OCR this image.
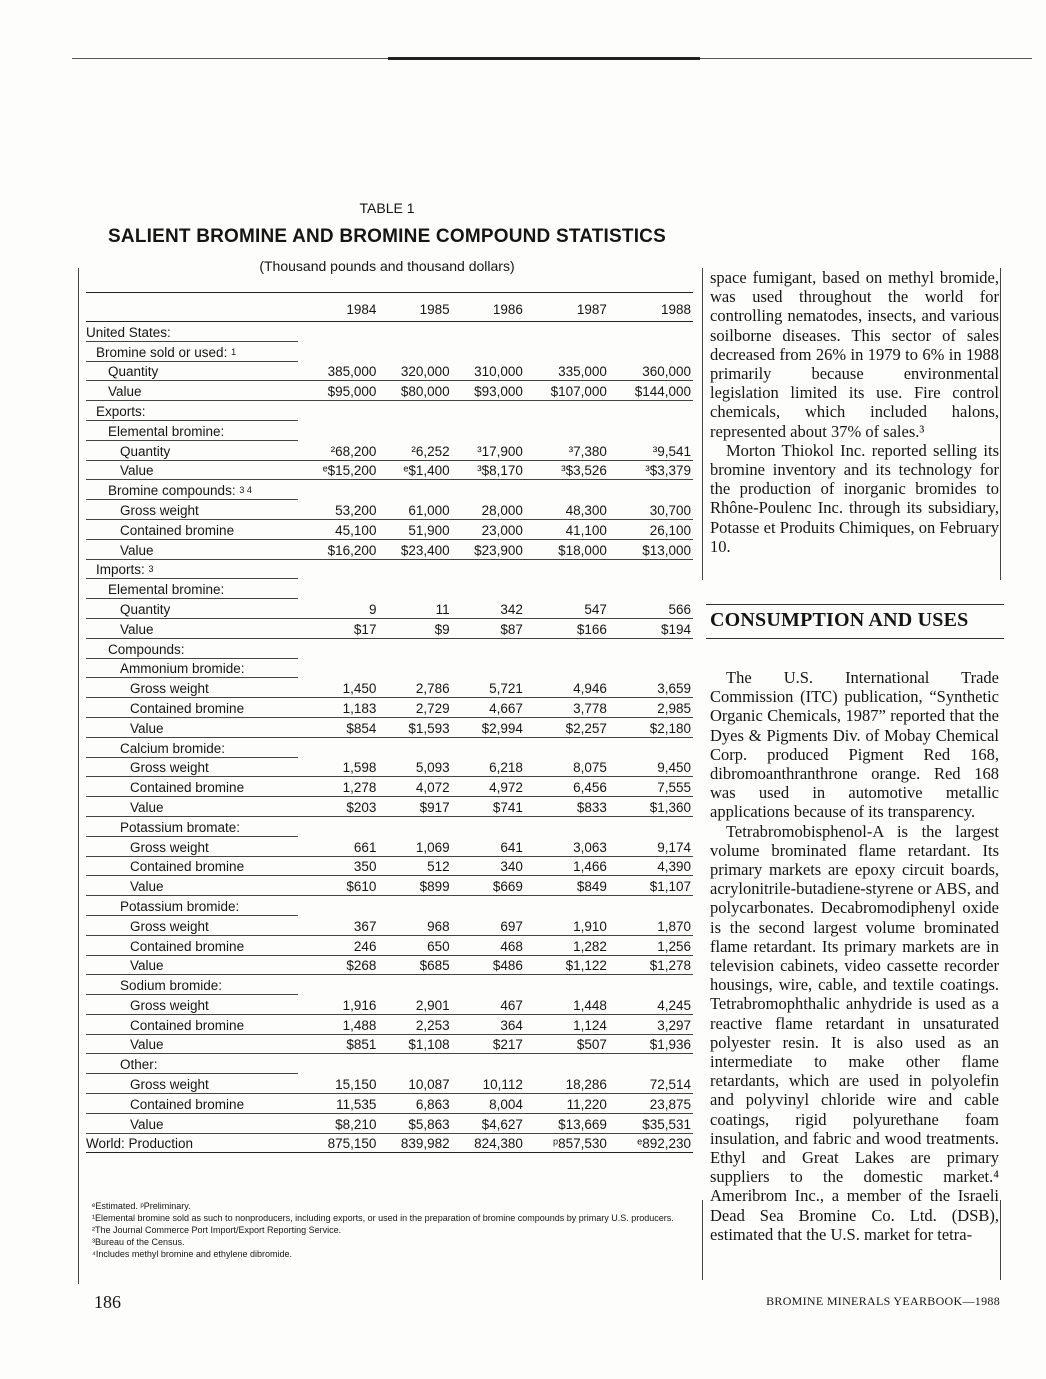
TABLE 1
SALIENT BROMINE AND BROMINE COMPOUND STATISTICS
(Thousand pounds and thousand dollars)
	1984	1985	1986	1987	1988
United States:					
Bromine sold or used: $^1$					
Quantity	385,000	320,000	310,000	335,000	360,000
Value	$95,000	$80,000	$93,000	$107,000	$144,000
Exports:					
Elemental bromine:					
Quantity	²68,200	²6,252	³17,900	³7,380	³9,541
Value	ᵉ$15,200	ᵉ$1,400	³$8,170	³$3,526	³$3,379
Bromine compounds: $^{3 4}$					
Gross weight	53,200	61,000	28,000	48,300	30,700
Contained bromine	45,100	51,900	23,000	41,100	26,100
Value	$16,200	$23,400	$23,900	$18,000	$13,000
Imports: $^3$					
Elemental bromine:					
Quantity	9	11	342	547	566
Value	$17	$9	$87	$166	$194
Compounds:					
Ammonium bromide:					
Gross weight	1,450	2,786	5,721	4,946	3,659
Contained bromine	1,183	2,729	4,667	3,778	2,985
Value	$854	$1,593	$2,994	$2,257	$2,180
Calcium bromide:					
Gross weight	1,598	5,093	6,218	8,075	9,450
Contained bromine	1,278	4,072	4,972	6,456	7,555
Value	$203	$917	$741	$833	$1,360
Potassium bromate:					
Gross weight	661	1,069	641	3,063	9,174
Contained bromine	350	512	340	1,466	4,390
Value	$610	$899	$669	$849	$1,107
Potassium bromide:					
Gross weight	367	968	697	1,910	1,870
Contained bromine	246	650	468	1,282	1,256
Value	$268	$685	$486	$1,122	$1,278
Sodium bromide:					
Gross weight	1,916	2,901	467	1,448	4,245
Contained bromine	1,488	2,253	364	1,124	3,297
Value	$851	$1,108	$217	$507	$1,936
Other:					
Gross weight	15,150	10,087	10,112	18,286	72,514
Contained bromine	11,535	6,863	8,004	11,220	23,875
Value	$8,210	$5,863	$4,627	$13,669	$35,531
World: Production	875,150	839,982	824,380	ᵖ857,530	ᵉ892,230

ᵉEstimated. ᵖPreliminary.

¹Elemental bromine sold as such to nonproducers, including exports, or used in the preparation of bromine compounds by primary U.S. producers.

²The Journal Commerce Port Import/Export Reporting Service.

³Bureau of the Census.

⁴Includes methyl bromine and ethylene dibromide.

space fumigant, based on methyl bromide, was used throughout the world for controlling nematodes, insects, and various soilborne diseases. This sector of sales decreased from 26% in 1979 to 6% in 1988 primarily because environmental legislation limited its use. Fire control chemicals, which included halons, represented about 37% of sales.³

Morton Thiokol Inc. reported selling its bromine inventory and its technology for the production of inorganic bromides to Rhône-Poulenc Inc. through its subsidiary, Potasse et Produits Chimiques, on February 10.

CONSUMPTION AND USES

The U.S. International Trade Commission (ITC) publication, “Synthetic Organic Chemicals, 1987” reported that the Dyes & Pigments Div. of Mobay Chemical Corp. produced Pigment Red 168, dibromoanthranthrone orange. Red 168 was used in automotive metallic applications because of its transparency.

Tetrabromobisphenol-A is the largest volume brominated flame retardant. Its primary markets are epoxy circuit boards, acrylonitrile-butadiene-styrene or ABS, and polycarbonates. Decabromodiphenyl oxide is the second largest volume brominated flame retardant. Its primary markets are in television cabinets, video cassette recorder housings, wire, cable, and textile coatings. Tetrabromophthalic anhydride is used as a reactive flame retardant in unsaturated polyester resin. It is also used as an intermediate to make other flame retardants, which are used in polyolefin and polyvinyl chloride wire and cable coatings, rigid polyurethane foam insulation, and fabric and wood treatments. Ethyl and Great Lakes are primary suppliers to the domestic market.⁴ Ameribrom Inc., a member of the Israeli Dead Sea Bromine Co. Ltd. (DSB), estimated that the U.S. market for tetra-

186	BROMINE MINERALS YEARBOOK—1988
